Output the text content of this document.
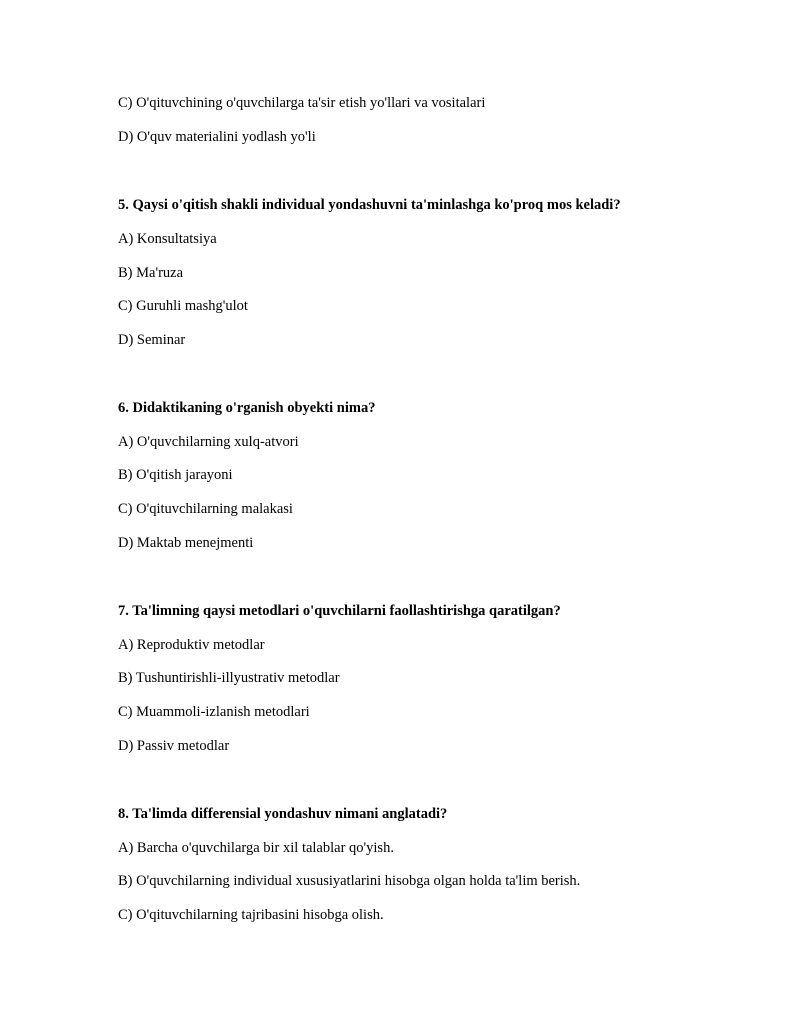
C) O'qituvchining o'quvchilarga ta'sir etish yo'llari va vositalari
D) O'quv materialini yodlash yo'li
5. Qaysi o'qitish shakli individual yondashuvni ta'minlashga ko'proq mos keladi?
A) Konsultatsiya
B) Ma'ruza
C) Guruhli mashg'ulot
D) Seminar
6. Didaktikaning o'rganish obyekti nima?
A) O'quvchilarning xulq-atvori
B) O'qitish jarayoni
C) O'qituvchilarning malakasi
D) Maktab menejmenti
7. Ta'limning qaysi metodlari o'quvchilarni faollashtirishga qaratilgan?
A) Reproduktiv metodlar
B) Tushuntirishli-illyustrativ metodlar
C) Muammoli-izlanish metodlari
D) Passiv metodlar
8. Ta'limda differensial yondashuv nimani anglatadi?
A) Barcha o'quvchilarga bir xil talablar qo'yish.
B) O'quvchilarning individual xususiyatlarini hisobga olgan holda ta'lim berish.
C) O'qituvchilarning tajribasini hisobga olish.
